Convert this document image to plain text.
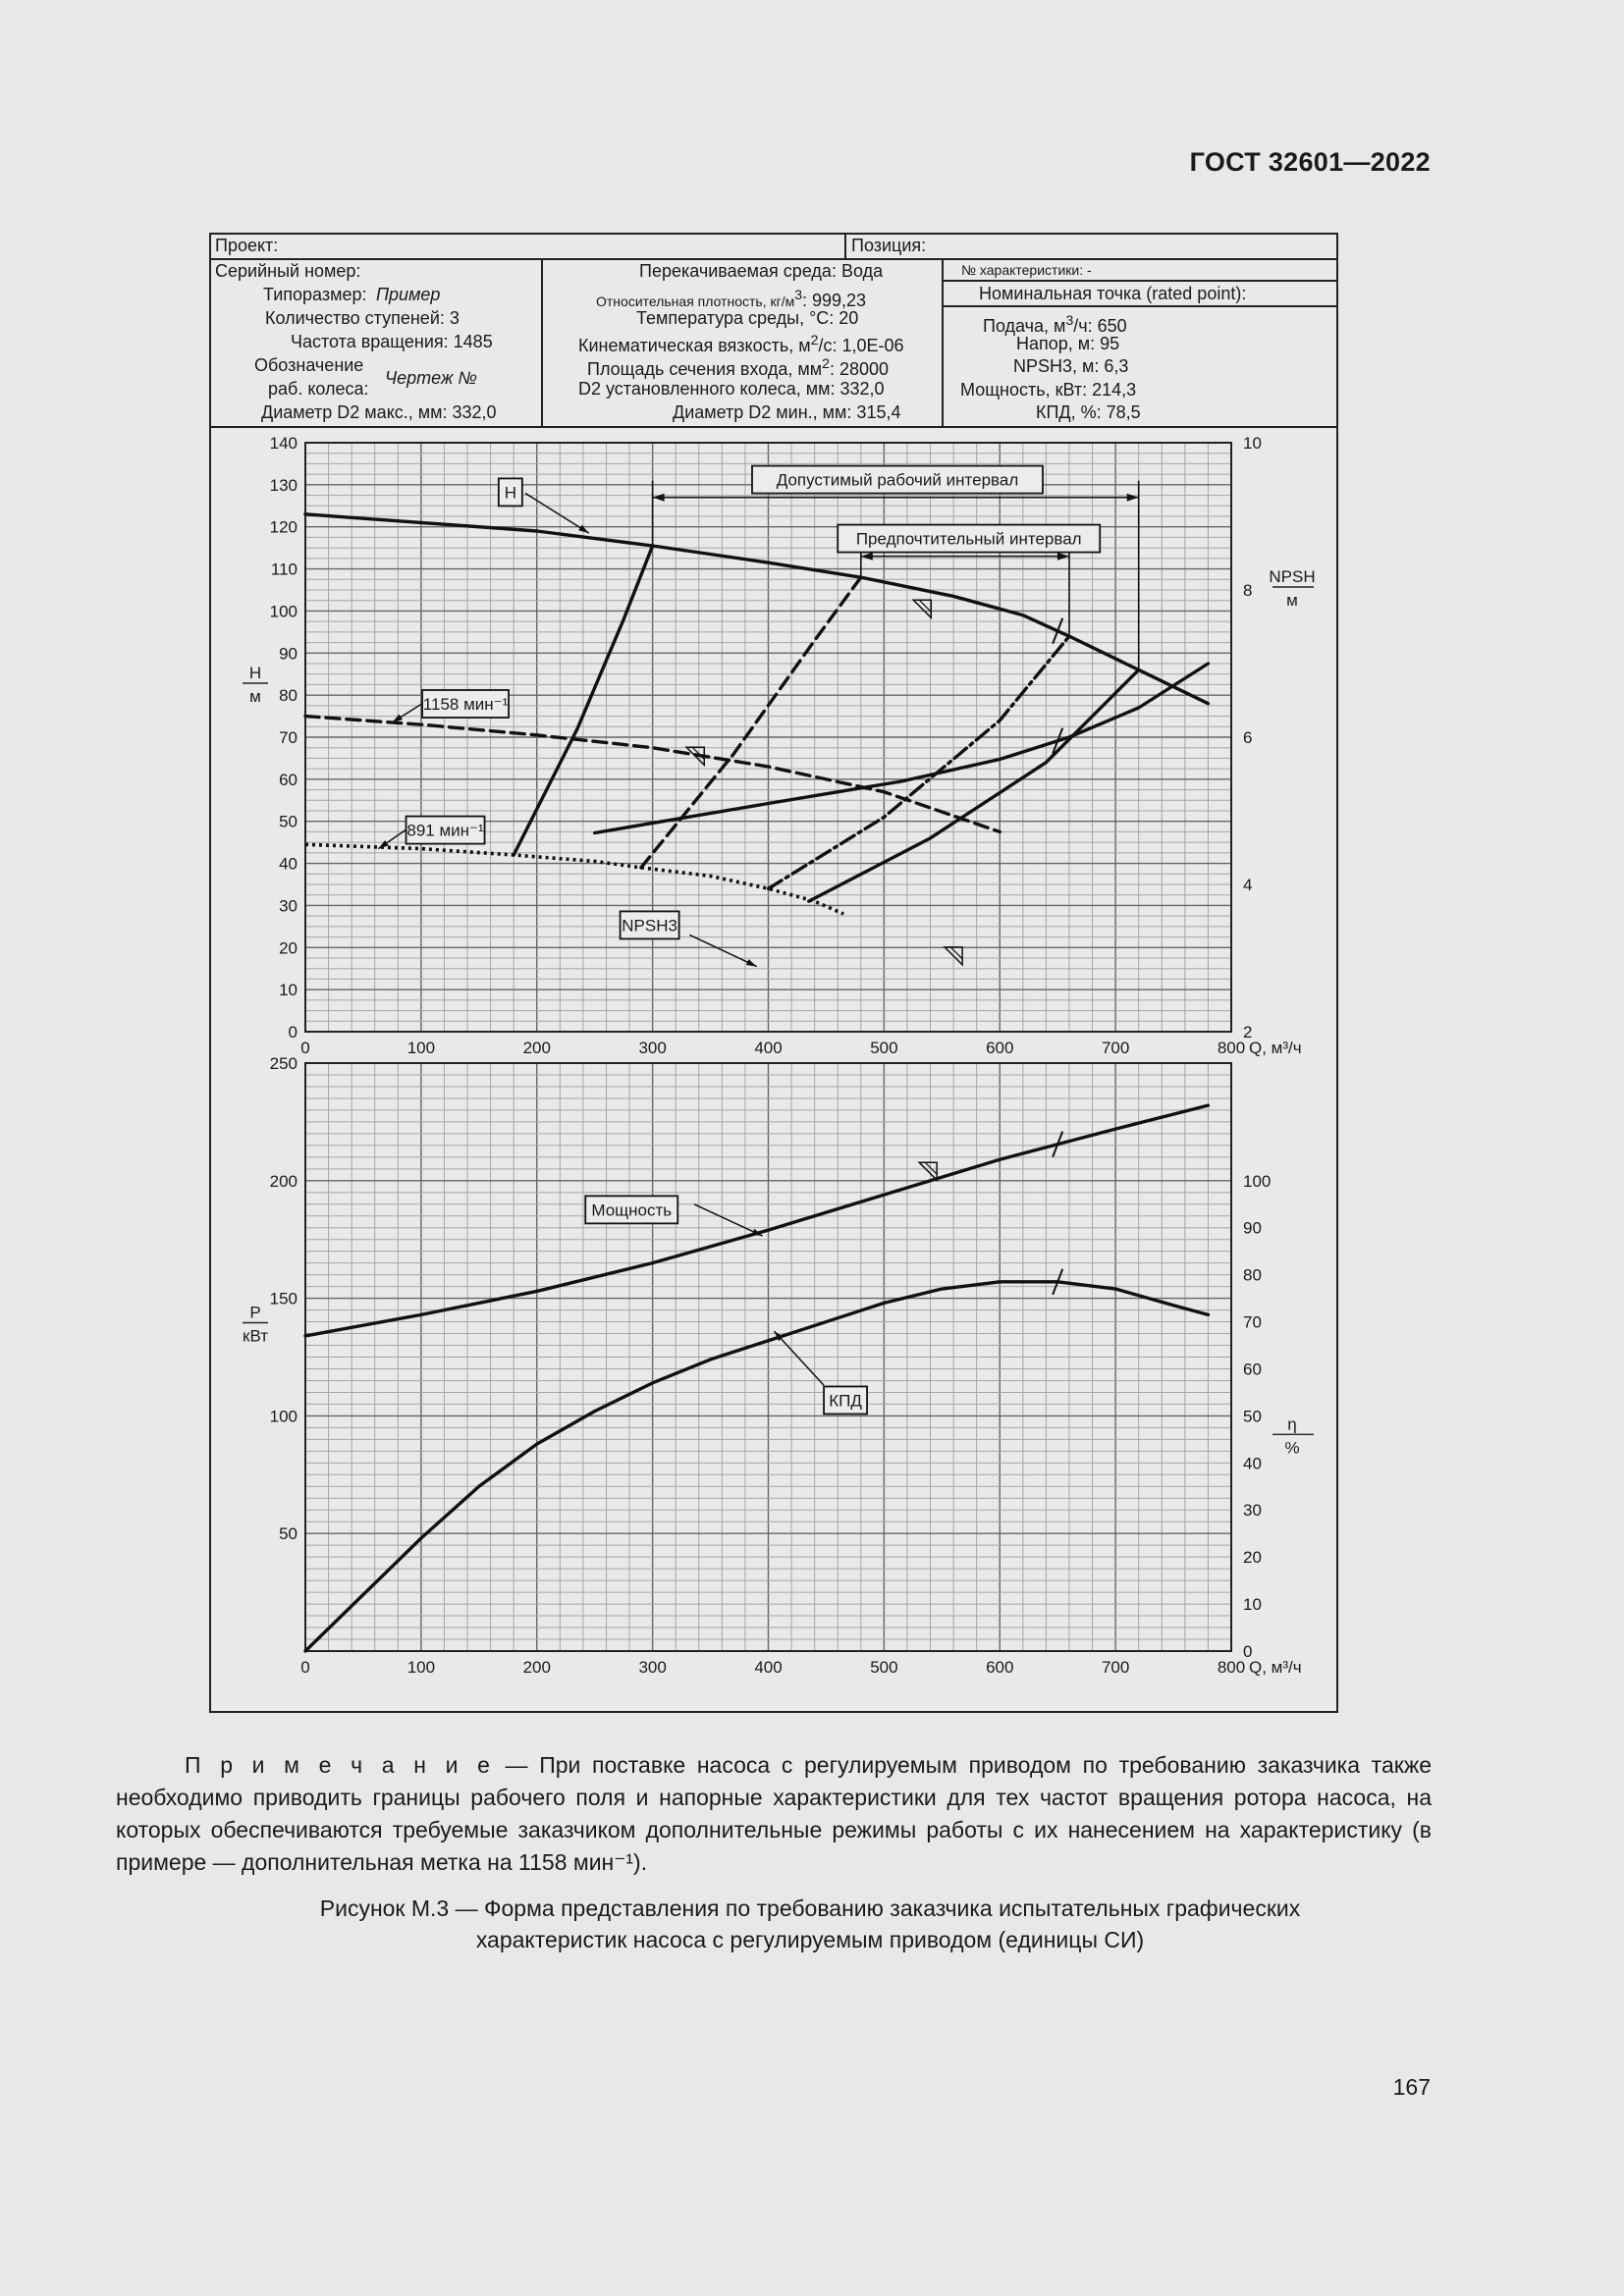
ГОСТ 32601—2022
Проект:	Позиция:
Серийный номер:
Типоразмер: Пример
Количество ступеней: 3
Частота вращения: 1485
Обозначение
раб. колеса:
Чертеж №
Диаметр D2 макс., мм: 332,0
Перекачиваемая среда: Вода
Относительная плотность, $кг/м^3$: 999,23
Температура среды, °С: 20
Кинематическая вязкость, $м^2/с$: 1,0Е-06
Площадь сечения входа, $мм^2$: 28000
D2 установленного колеса, мм: 332,0
Диаметр D2 мин., мм: 315,4
№ характеристики: -
Номинальная точка (rated point):
Подача, $м^3/ч$: 650
Напор, м: 95
NPSH3, м: 6,3
Мощность, кВт: 214,3
КПД, %: 78,5
0	100	200	300	400	500	600	700	800 Q, м³/ч
0
10
20
30
40
50
60
70
80
90
100
110
120
130
140
2
4
6
8
10
H
м
NPSH
м
0	100	200	300	400	500	600	700	800 Q, м³/ч
50
100
150
200
250
0
10
20
30
40
50
60
70
80
90
100
P
кВт
η
%
Допустимый рабочий интервал
Предпочтительный интервал
H
1158 мин⁻¹
891 мин⁻¹
NPSH3
Мощность
КПД
П р и м е ч а н и е — При поставке насоса с регулируемым приводом по требованию заказчика также необходимо приводить границы рабочего поля и напорные характеристики для тех частот вращения ротора насоса, на которых обеспечиваются требуемые заказчиком дополнительные режимы работы с их нанесением на характеристику (в примере — дополнительная метка на 1158 мин⁻¹).
Рисунок М.3 — Форма представления по требованию заказчика испытательных графических
характеристик насоса с регулируемым приводом (единицы СИ)
167
